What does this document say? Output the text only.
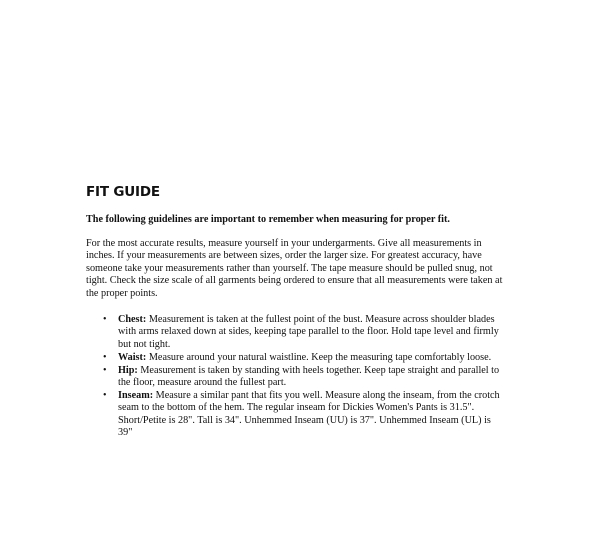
FIT GUIDE
The following guidelines are important to remember when measuring for proper fit.
For the most accurate results, measure yourself in your undergarments. Give all measurements in inches. If your measurements are between sizes, order the larger size. For greatest accuracy, have someone take your measurements rather than yourself. The tape measure should be pulled snug, not tight. Check the size scale of all garments being ordered to ensure that all measurements were taken at the proper points.
• Chest: Measurement is taken at the fullest point of the bust. Measure across shoulder blades with arms relaxed down at sides, keeping tape parallel to the floor. Hold tape level and firmly but not tight.
• Waist: Measure around your natural waistline. Keep the measuring tape comfortably loose.
• Hip: Measurement is taken by standing with heels together. Keep tape straight and parallel to the floor, measure around the fullest part.
• Inseam: Measure a similar pant that fits you well. Measure along the inseam, from the crotch seam to the bottom of the hem. The regular inseam for Dickies Women's Pants is 31.5". Short/Petite is 28". Tall is 34". Unhemmed Inseam (UU) is 37". Unhemmed Inseam (UL) is 39"
